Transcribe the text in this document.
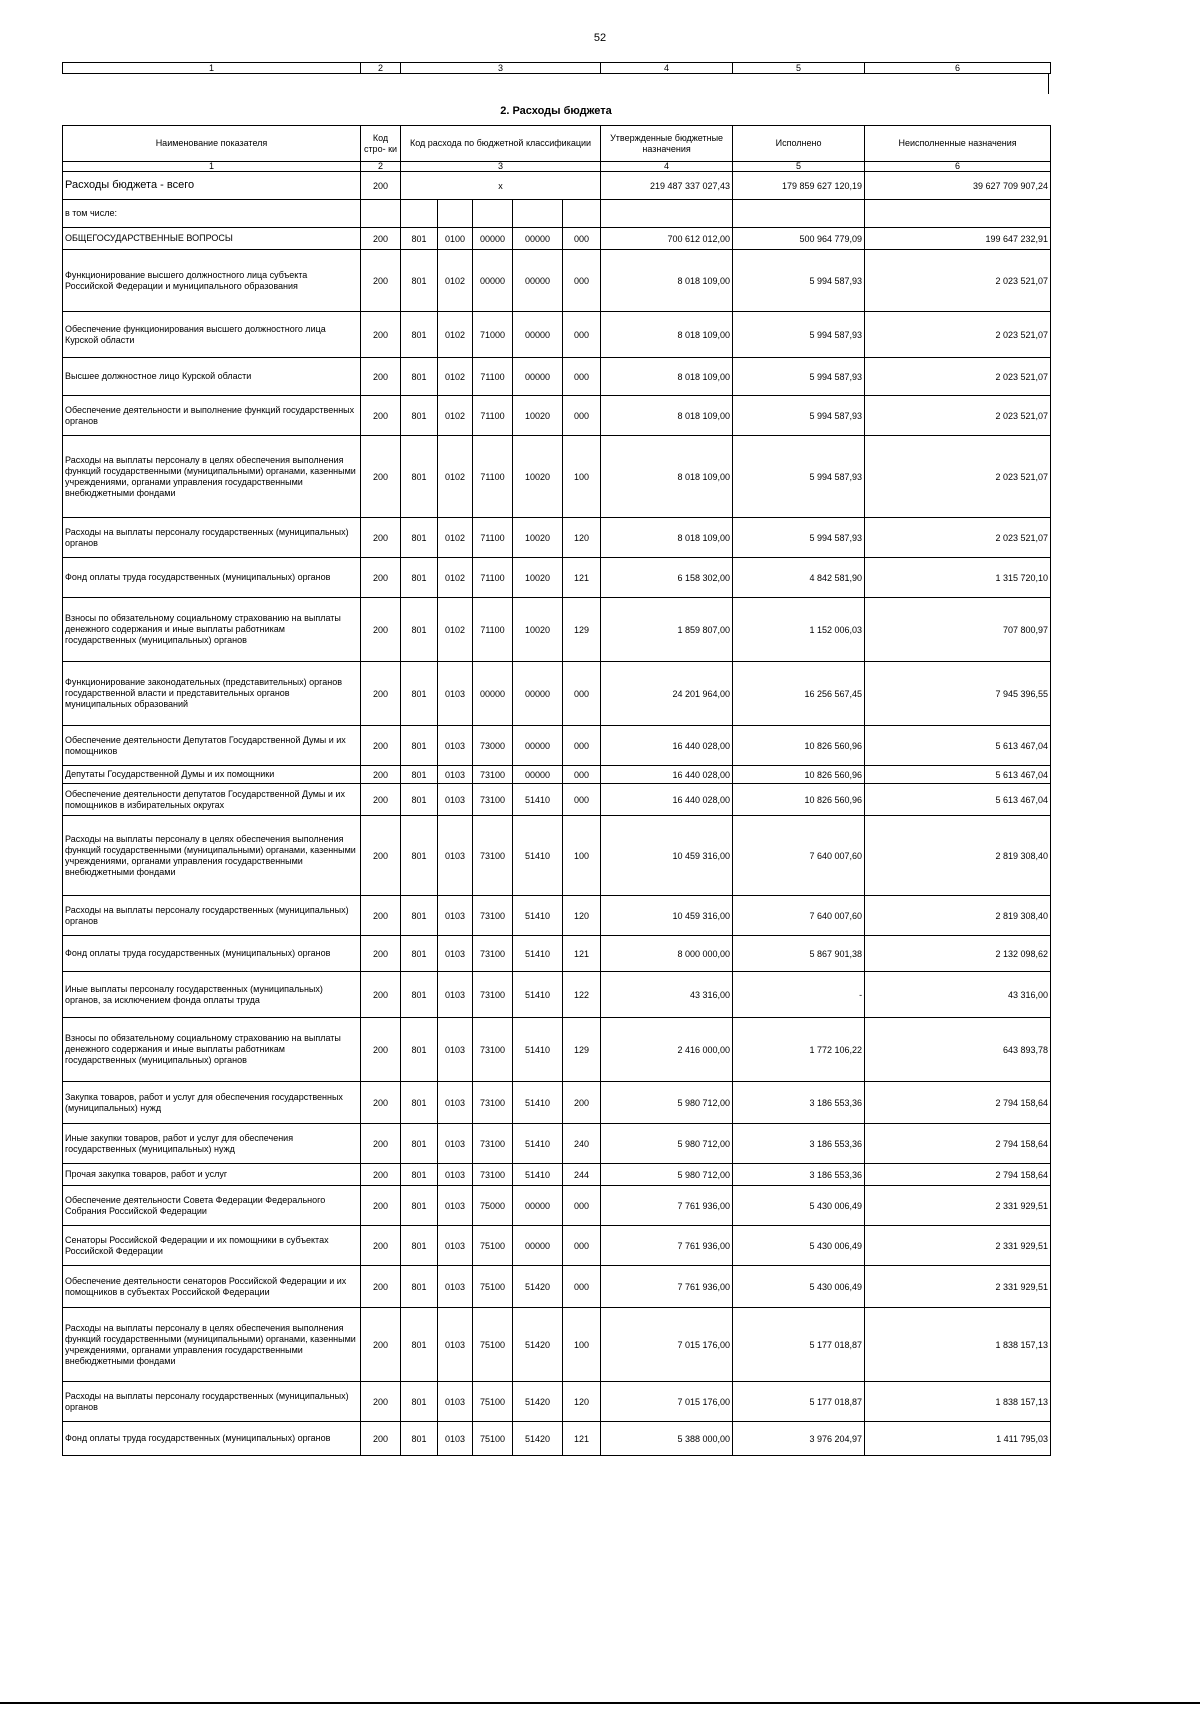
52
1	2	3	4	5	6
2. Расходы бюджета
Наименование показателя	Код стро- ки	Код расхода по бюджетной классификации					Утвержденные бюджетные назначения	Исполнено	Неисполненные назначения
1	2	3					4	5	6
Расходы бюджета - всего	200	x					219 487 337 027,43	179 859 627 120,19	39 627 709 907,24
в том числе:									
ОБЩЕГОСУДАРСТВЕННЫЕ ВОПРОСЫ	200	801	0100	00000	00000	000	700 612 012,00	500 964 779,09	199 647 232,91
Функционирование высшего должностного лица субъекта Российской Федерации и муниципального образования	200	801	0102	00000	00000	000	8 018 109,00	5 994 587,93	2 023 521,07
Обеспечение функционирования высшего должностного лица Курской области	200	801	0102	71000	00000	000	8 018 109,00	5 994 587,93	2 023 521,07
Высшее должностное лицо Курской области	200	801	0102	71100	00000	000	8 018 109,00	5 994 587,93	2 023 521,07
Обеспечение деятельности и выполнение функций государственных органов	200	801	0102	71100	10020	000	8 018 109,00	5 994 587,93	2 023 521,07
Расходы на выплаты персоналу в целях обеспечения выполнения функций государственными (муниципальными) органами, казенными учреждениями, органами управления государственными внебюджетными фондами	200	801	0102	71100	10020	100	8 018 109,00	5 994 587,93	2 023 521,07
Расходы на выплаты персоналу государственных (муниципальных) органов	200	801	0102	71100	10020	120	8 018 109,00	5 994 587,93	2 023 521,07
Фонд оплаты труда государственных (муниципальных) органов	200	801	0102	71100	10020	121	6 158 302,00	4 842 581,90	1 315 720,10
Взносы по обязательному социальному страхованию на выплаты денежного содержания и иные выплаты работникам государственных (муниципальных) органов	200	801	0102	71100	10020	129	1 859 807,00	1 152 006,03	707 800,97
Функционирование законодательных (представительных) органов государственной власти и представительных органов муниципальных образований	200	801	0103	00000	00000	000	24 201 964,00	16 256 567,45	7 945 396,55
Обеспечение деятельности Депутатов Государственной Думы и их помощников	200	801	0103	73000	00000	000	16 440 028,00	10 826 560,96	5 613 467,04
Депутаты Государственной Думы и их помощники	200	801	0103	73100	00000	000	16 440 028,00	10 826 560,96	5 613 467,04
Обеспечение деятельности депутатов Государственной Думы и их помощников в избирательных округах	200	801	0103	73100	51410	000	16 440 028,00	10 826 560,96	5 613 467,04
Расходы на выплаты персоналу в целях обеспечения выполнения функций государственными (муниципальными) органами, казенными учреждениями, органами управления государственными внебюджетными фондами	200	801	0103	73100	51410	100	10 459 316,00	7 640 007,60	2 819 308,40
Расходы на выплаты персоналу государственных (муниципальных) органов	200	801	0103	73100	51410	120	10 459 316,00	7 640 007,60	2 819 308,40
Фонд оплаты труда государственных (муниципальных) органов	200	801	0103	73100	51410	121	8 000 000,00	5 867 901,38	2 132 098,62
Иные выплаты персоналу государственных (муниципальных) органов, за исключением фонда оплаты труда	200	801	0103	73100	51410	122	43 316,00	-	43 316,00
Взносы по обязательному социальному страхованию на выплаты денежного содержания и иные выплаты работникам государственных (муниципальных) органов	200	801	0103	73100	51410	129	2 416 000,00	1 772 106,22	643 893,78
Закупка товаров, работ и услуг для обеспечения государственных (муниципальных) нужд	200	801	0103	73100	51410	200	5 980 712,00	3 186 553,36	2 794 158,64
Иные закупки товаров, работ и услуг для обеспечения государственных (муниципальных) нужд	200	801	0103	73100	51410	240	5 980 712,00	3 186 553,36	2 794 158,64
Прочая закупка товаров, работ и услуг	200	801	0103	73100	51410	244	5 980 712,00	3 186 553,36	2 794 158,64
Обеспечение деятельности Совета Федерации Федерального Собрания Российской Федерации	200	801	0103	75000	00000	000	7 761 936,00	5 430 006,49	2 331 929,51
Сенаторы Российской Федерации и их помощники в субъектах Российской Федерации	200	801	0103	75100	00000	000	7 761 936,00	5 430 006,49	2 331 929,51
Обеспечение деятельности сенаторов Российской Федерации и их помощников в субъектах Российской Федерации	200	801	0103	75100	51420	000	7 761 936,00	5 430 006,49	2 331 929,51
Расходы на выплаты персоналу в целях обеспечения выполнения функций государственными (муниципальными) органами, казенными учреждениями, органами управления государственными внебюджетными фондами	200	801	0103	75100	51420	100	7 015 176,00	5 177 018,87	1 838 157,13
Расходы на выплаты персоналу государственных (муниципальных) органов	200	801	0103	75100	51420	120	7 015 176,00	5 177 018,87	1 838 157,13
Фонд оплаты труда государственных (муниципальных) органов	200	801	0103	75100	51420	121	5 388 000,00	3 976 204,97	1 411 795,03
